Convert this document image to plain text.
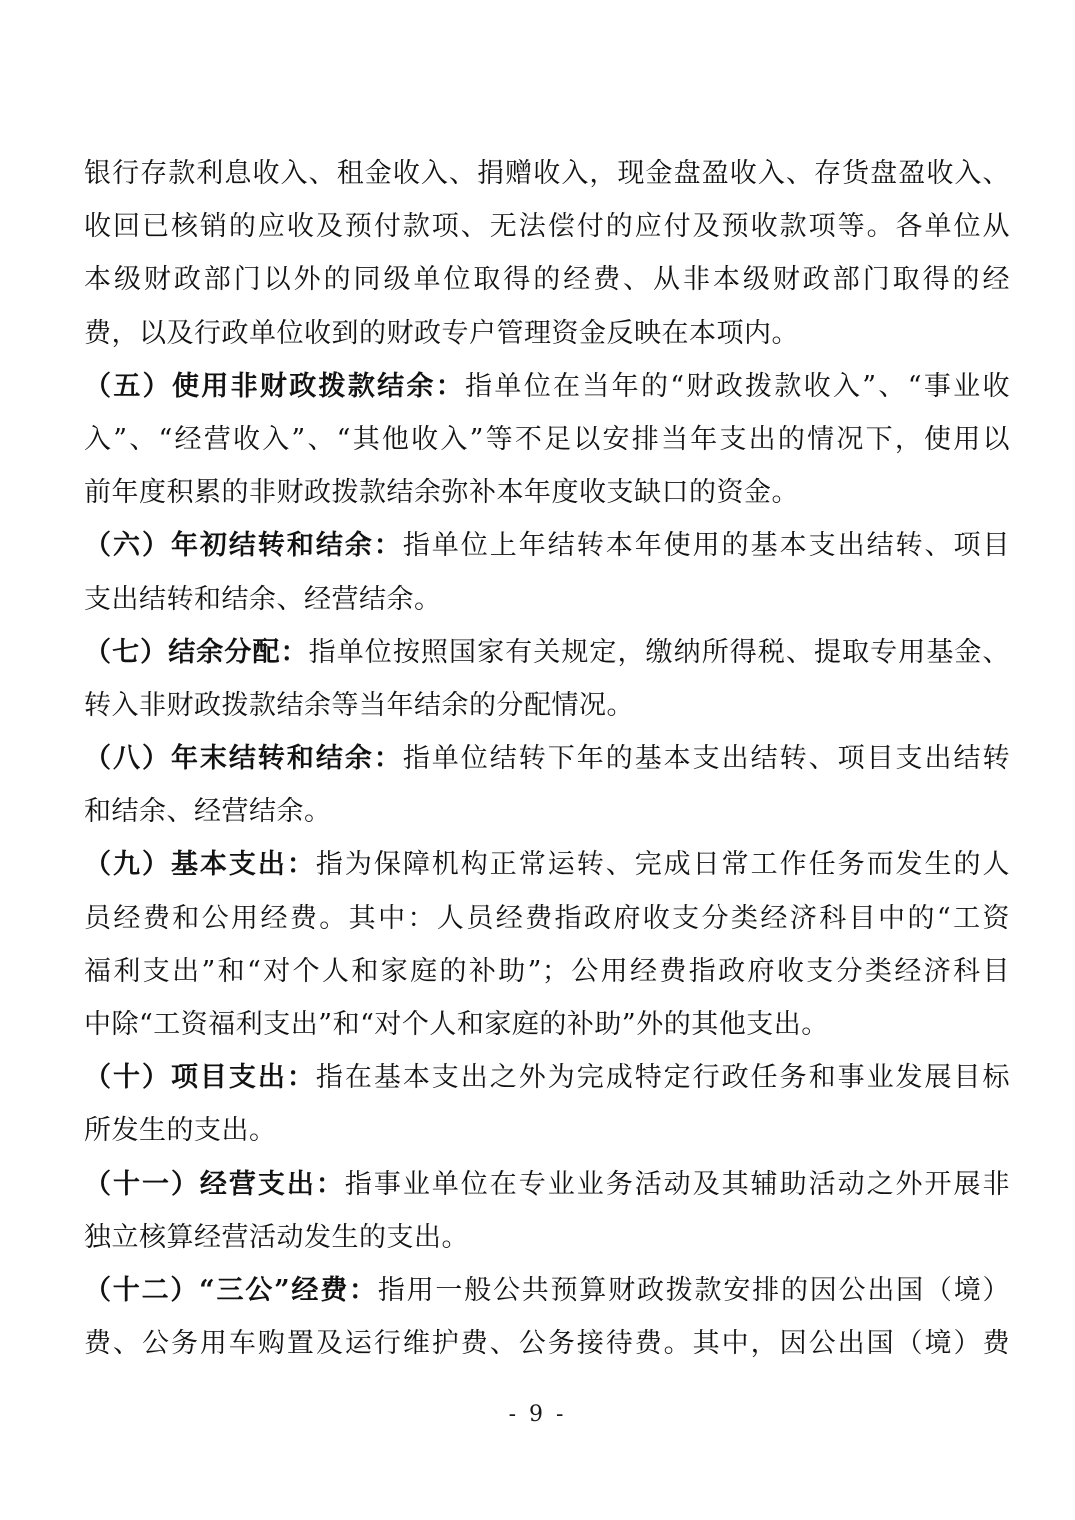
银行存款利息收入、租金收入、捐赠收入，现金盘盈收入、存货盘盈收入、
收回已核销的应收及预付款项、无法偿付的应付及预收款项等。各单位从
本级财政部门以外的同级单位取得的经费、从非本级财政部门取得的经
费，以及行政单位收到的财政专户管理资金反映在本项内。
（五）使用非财政拨款结余：指单位在当年的“财政拨款收入”、“事业收
入”、“经营收入”、“其他收入”等不足以安排当年支出的情况下，使用以
前年度积累的非财政拨款结余弥补本年度收支缺口的资金。
（六）年初结转和结余：指单位上年结转本年使用的基本支出结转、项目
支出结转和结余、经营结余。
（七）结余分配：指单位按照国家有关规定，缴纳所得税、提取专用基金、
转入非财政拨款结余等当年结余的分配情况。
（八）年末结转和结余：指单位结转下年的基本支出结转、项目支出结转
和结余、经营结余。
（九）基本支出：指为保障机构正常运转、完成日常工作任务而发生的人
员经费和公用经费。其中：人员经费指政府收支分类经济科目中的“工资
福利支出”和“对个人和家庭的补助”；公用经费指政府收支分类经济科目
中除“工资福利支出”和“对个人和家庭的补助”外的其他支出。
（十）项目支出：指在基本支出之外为完成特定行政任务和事业发展目标
所发生的支出。
（十一）经营支出：指事业单位在专业业务活动及其辅助活动之外开展非
独立核算经营活动发生的支出。
（十二）“三公”经费：指用一般公共预算财政拨款安排的因公出国（境）
费、公务用车购置及运行维护费、公务接待费。其中，因公出国（境）费
- 9 -
